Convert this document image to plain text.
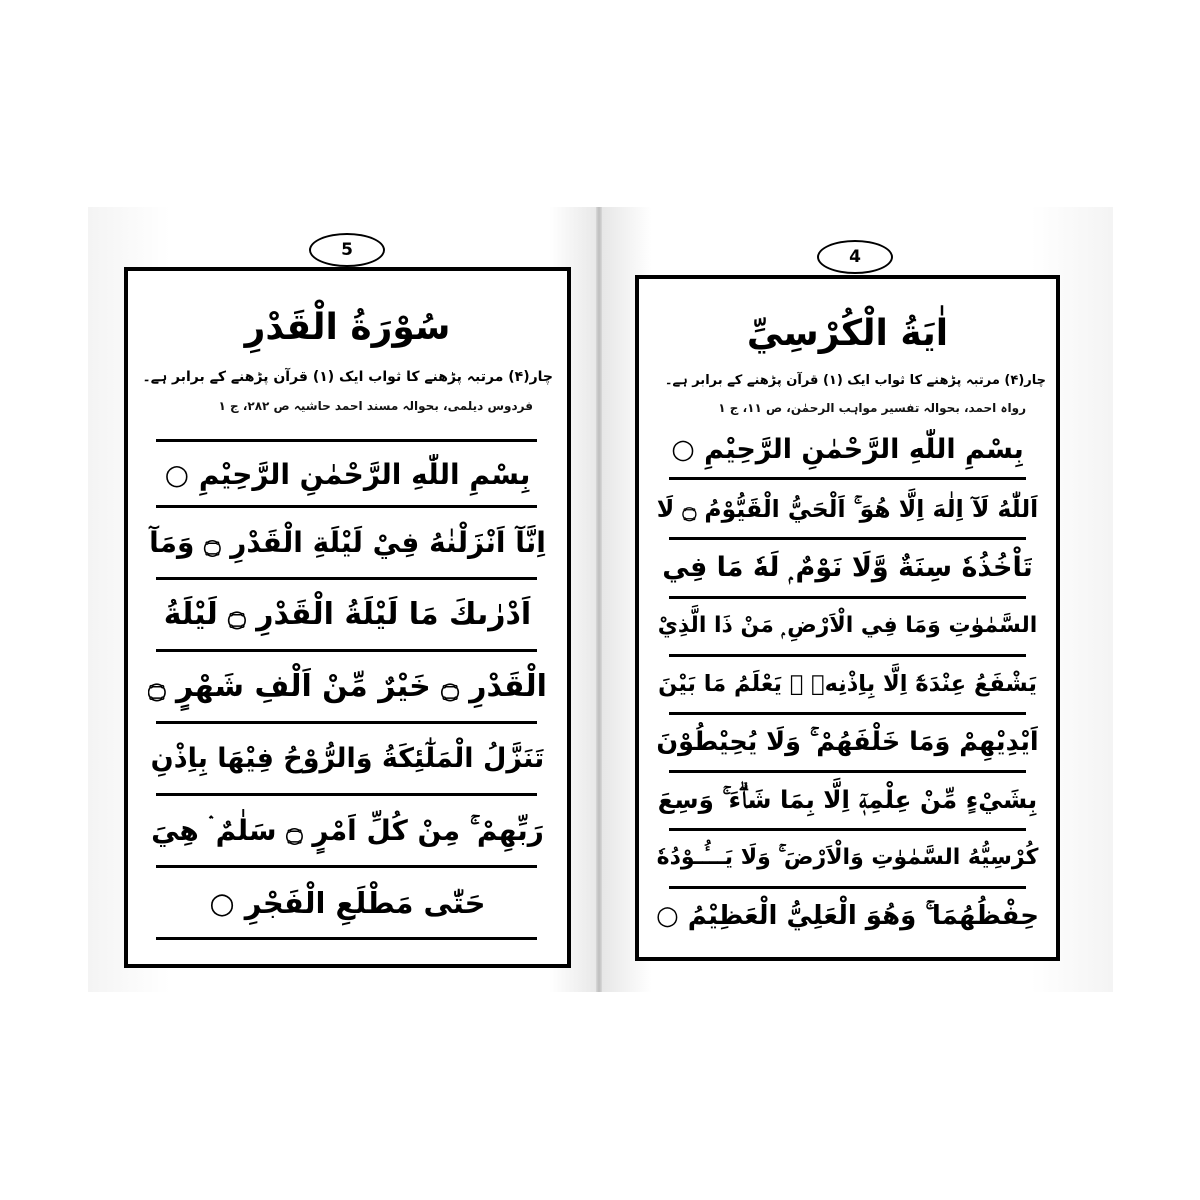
5
سُوْرَةُ الْقَدْرِ
چار(۴) مرتبہ پڑھنے کا ثواب ایک (۱) قرآن پڑھنے کے برابر ہے۔
فردوس دیلمی، بحوالہ مسند احمد حاشیہ ص ۲۸۲، ج ۱
بِسْمِ اللّٰهِ الرَّحْمٰنِ الرَّحِيْمِ ○
اِنَّآ اَنْزَلْنٰهُ فِيْ لَيْلَةِ الْقَدْرِ ۝ وَمَآ
اَدْرٰىكَ مَا لَيْلَةُ الْقَدْرِ ۝ لَيْلَةُ
الْقَدْرِ ۝ خَيْرٌ مِّنْ اَلْفِ شَهْرٍ ۝
تَنَزَّلُ الْمَلٰٓئِكَةُ وَالرُّوْحُ فِيْهَا بِاِذْنِ
رَبِّهِمْ ۚ مِنْ كُلِّ اَمْرٍ ۝ سَلٰمٌ ۛ هِيَ
حَتّٰى مَطْلَعِ الْفَجْرِ ○
4
اٰيَةُ الْكُرْسِيِّ
چار(۴) مرتبہ پڑھنے کا ثواب ایک (۱) قرآن پڑھنے کے برابر ہے۔
رواہ احمد، بحوالہ تفسیر مواہب الرحمٰن، ص ۱۱، ج ۱
بِسْمِ اللّٰهِ الرَّحْمٰنِ الرَّحِيْمِ ○
اَللّٰهُ لَآ اِلٰهَ اِلَّا هُوَ ۚ اَلْحَيُّ الْقَيُّوْمُ ۝ لَا
تَاْخُذُهٗ سِنَةٌ وَّلَا نَوْمٌ ۭ لَهٗ مَا فِي
السَّمٰوٰتِ وَمَا فِي الْاَرْضِ ۭ مَنْ ذَا الَّذِيْ
يَشْفَعُ عِنْدَهٗٓ اِلَّا بِاِذْنِهٖ ۭ يَعْلَمُ مَا بَيْنَ
اَيْدِيْهِمْ وَمَا خَلْفَهُمْ ۚ وَلَا يُحِيْطُوْنَ
بِشَيْءٍ مِّنْ عِلْمِهٖٓ اِلَّا بِمَا شَاۗءَ ۚ وَسِعَ
كُرْسِيُّهُ السَّمٰوٰتِ وَالْاَرْضَ ۚ وَلَا يَـــُٔـوْدُهٗ
حِفْظُهُمَا ۚ وَهُوَ الْعَلِيُّ الْعَظِيْمُ ○
